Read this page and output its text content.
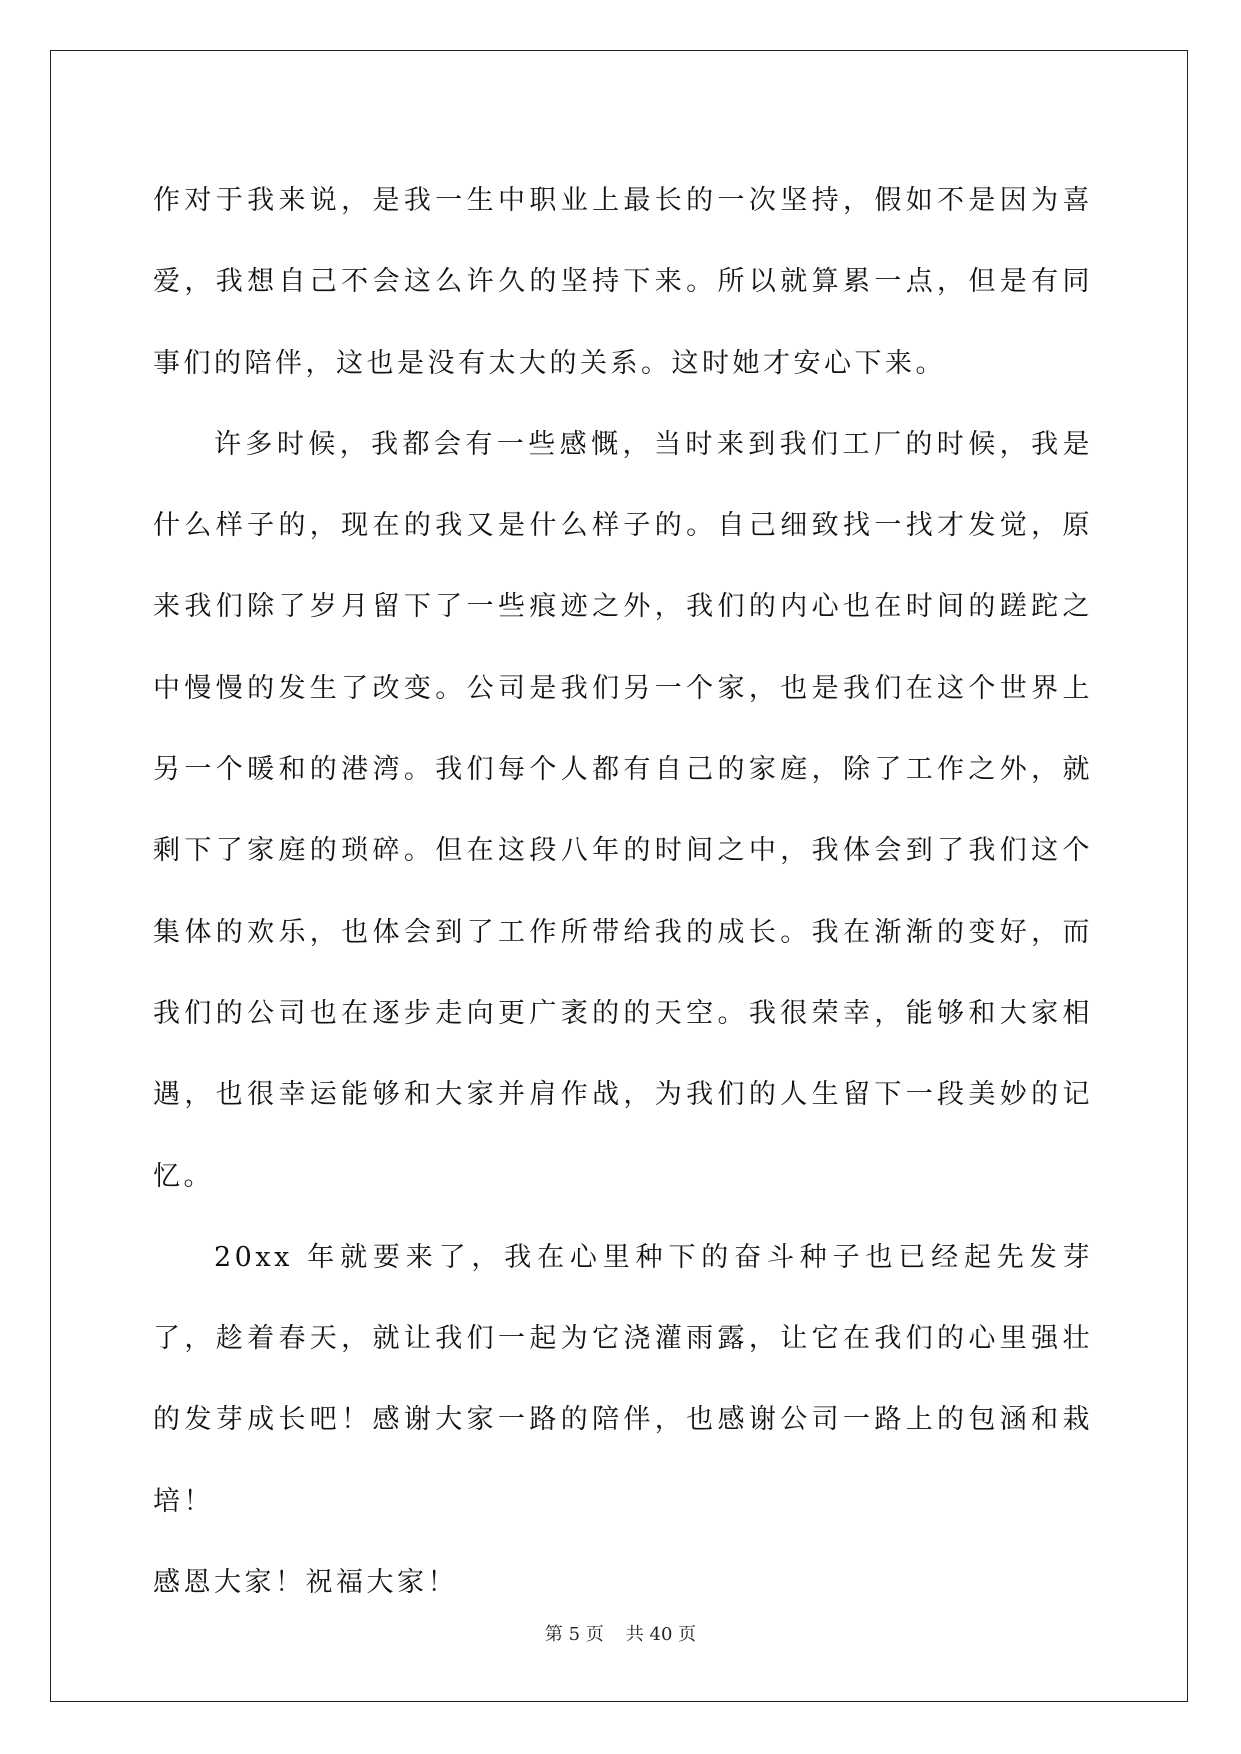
作对于我来说，是我一生中职业上最长的一次坚持，假如不是因为喜爱，我想自己不会这么许久的坚持下来。所以就算累一点，但是有同事们的陪伴，这也是没有太大的关系。这时她才安心下来。

许多时候，我都会有一些感慨，当时来到我们工厂的时候，我是什么样子的，现在的我又是什么样子的。自己细致找一找才发觉，原来我们除了岁月留下了一些痕迹之外，我们的内心也在时间的蹉跎之中慢慢的发生了改变。公司是我们另一个家，也是我们在这个世界上另一个暖和的港湾。我们每个人都有自己的家庭，除了工作之外，就剩下了家庭的琐碎。但在这段八年的时间之中，我体会到了我们这个集体的欢乐，也体会到了工作所带给我的成长。我在渐渐的变好，而我们的公司也在逐步走向更广袤的的天空。我很荣幸，能够和大家相遇，也很幸运能够和大家并肩作战，为我们的人生留下一段美妙的记忆。

20xx 年就要来了，我在心里种下的奋斗种子也已经起先发芽了，趁着春天，就让我们一起为它浇灌雨露，让它在我们的心里强壮的发芽成长吧！感谢大家一路的陪伴，也感谢公司一路上的包涵和栽培！

感恩大家！祝福大家！

第 5 页 共 40 页
